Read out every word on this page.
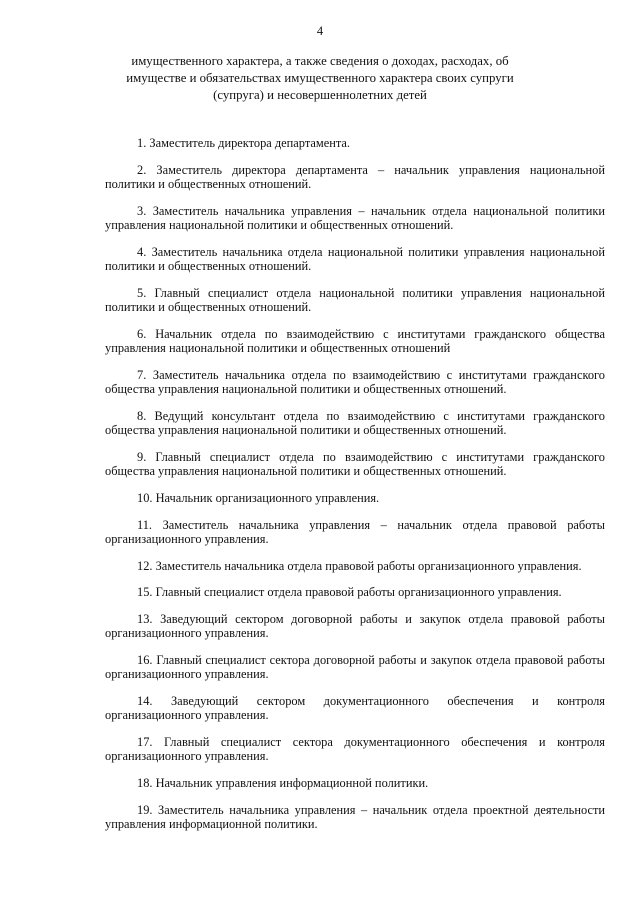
4
имущественного характера, а также сведения о доходах, расходах, об
имуществе и обязательствах имущественного характера своих супруги
(супруга) и несовершеннолетних детей

1. Заместитель директора департамента.

2. Заместитель директора департамента – начальник управления национальной политики и общественных отношений.

3. Заместитель начальника управления – начальник отдела национальной политики управления национальной политики и общественных отношений.

4. Заместитель начальника отдела национальной политики управления национальной политики и общественных отношений.

5. Главный специалист отдела национальной политики управления национальной политики и общественных отношений.

6. Начальник отдела по взаимодействию с институтами гражданского общества управления национальной политики и общественных отношений

7. Заместитель начальника отдела по взаимодействию с институтами гражданского общества управления национальной политики и общественных отношений.

8. Ведущий консультант отдела по взаимодействию с институтами гражданского общества управления национальной политики и общественных отношений.

9. Главный специалист отдела по взаимодействию с институтами гражданского общества управления национальной политики и общественных отношений.

10. Начальник организационного управления.

11. Заместитель начальника управления – начальник отдела правовой работы организационного управления.

12. Заместитель начальника отдела правовой работы организационного управления.

15. Главный специалист отдела правовой работы организационного управления.

13. Заведующий сектором договорной работы и закупок отдела правовой работы организационного управления.

16. Главный специалист сектора договорной работы и закупок отдела правовой работы организационного управления.

14. Заведующий сектором документационного обеспечения и контроля организационного управления.

17. Главный специалист сектора документационного обеспечения и контроля организационного управления.

18. Начальник управления информационной политики.

19. Заместитель начальника управления – начальник отдела проектной деятельности управления информационной политики.
